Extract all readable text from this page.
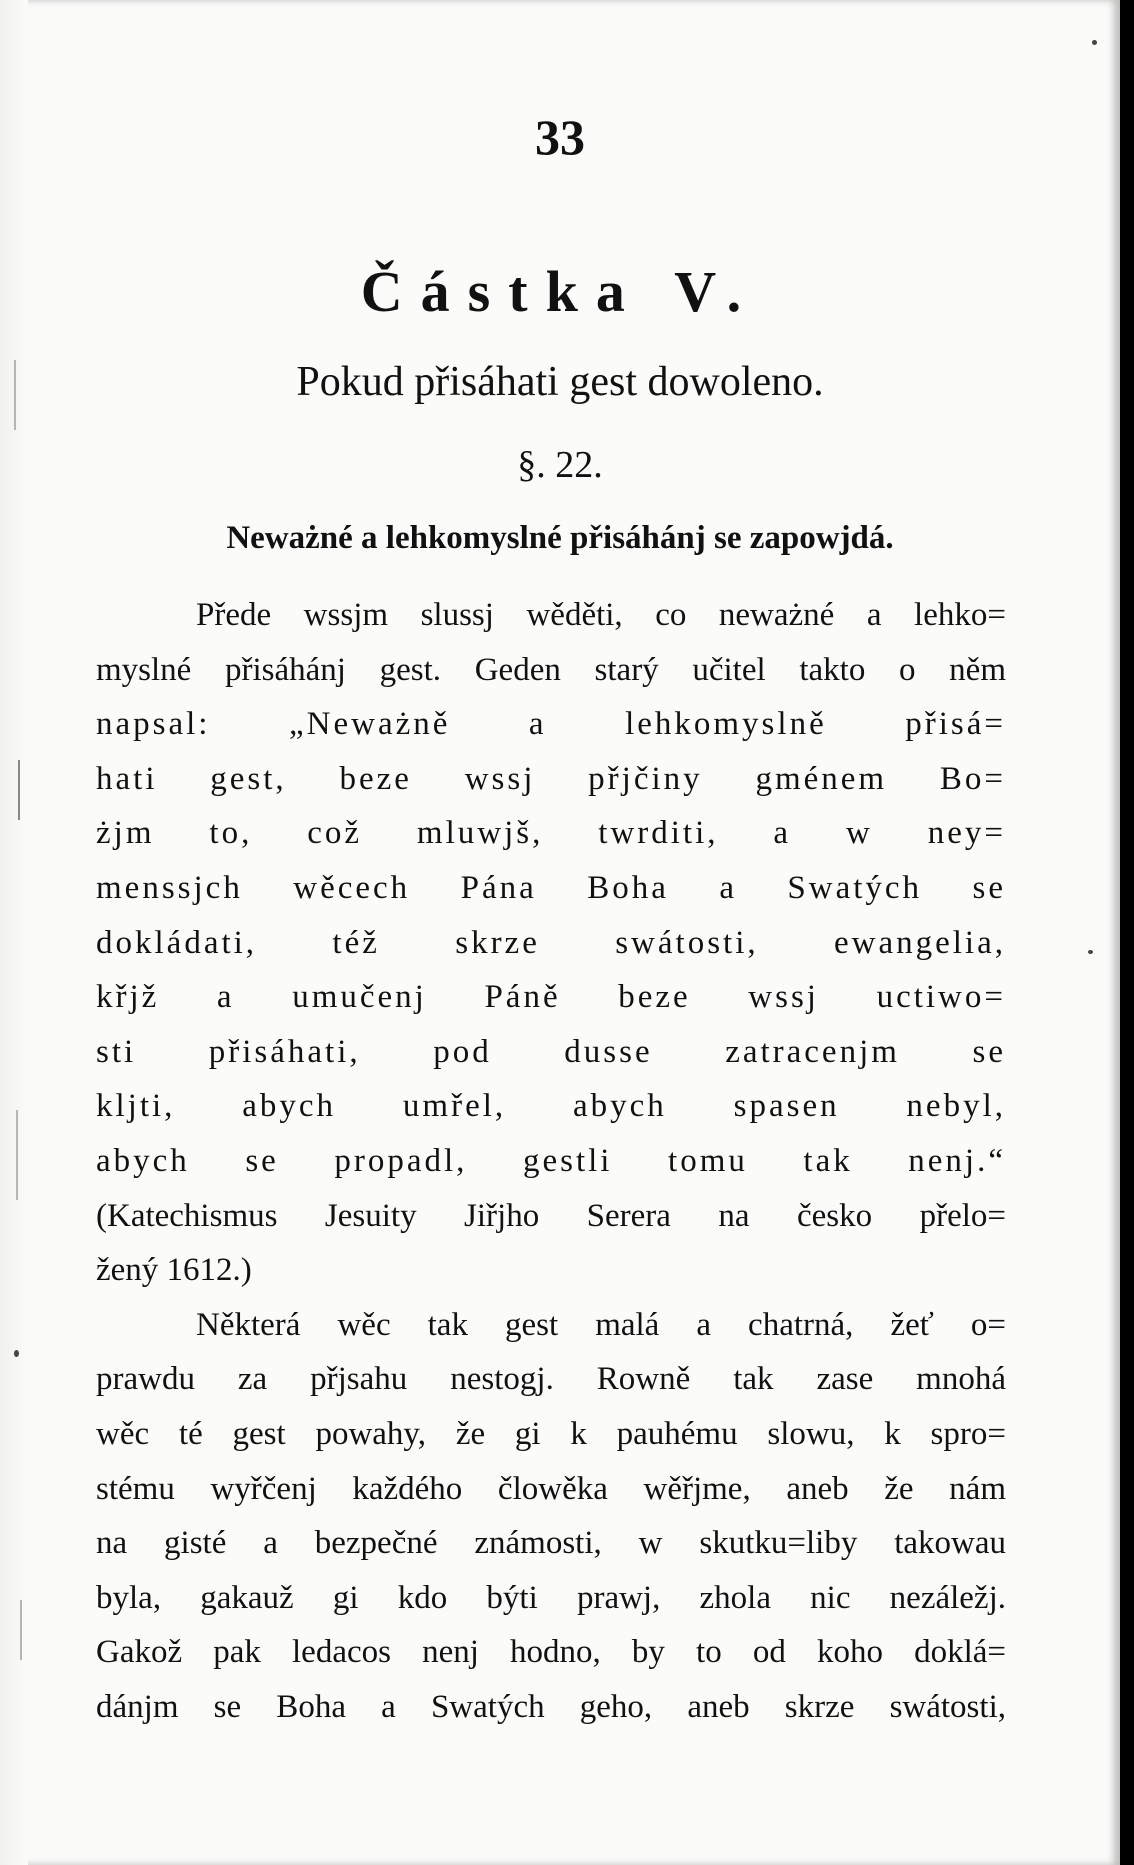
33
Částka V.
Pokud přisáhati gest dowoleno.
§. 22.
Neważné a lehkomyslné přisáhánj se zapowjdá.
Přede wssjm slussj wěděti, co neważné a lehko=
myslné přisáhánj gest. Geden starý učitel takto o něm
napsal: „Neważně a lehkomyslně přisá=
hati gest, beze wssj přjčiny gménem Bo=
żjm to, což mluwjš, twrditi, a w ney=
menssjch wěcech Pána Boha a Swatých se
dokládati, též skrze swátosti, ewangelia,
křjž a umučenj Páně beze wssj uctiwo=
sti přisáhati, pod dusse zatracenjm se
kljti, abych umřel, abych spasen nebyl,
abych se propadl, gestli tomu tak nenj.“
(Katechismus Jesuity Jiřjho Serera na česko přelo=
žený 1612.)
Některá wěc tak gest malá a chatrná, žeť o=
prawdu za přjsahu nestogj. Rowně tak zase mnohá
wěc té gest powahy, že gi k pauhému slowu, k spro=
stému wyřčenj každého člowěka wěřjme, aneb že nám
na gisté a bezpečné známosti, w skutku=liby takowau
byla, gakauž gi kdo býti prawj, zhola nic nezáležj.
Gakož pak ledacos nenj hodno, by to od koho doklá=
dánjm se Boha a Swatých geho, aneb skrze swátosti,
